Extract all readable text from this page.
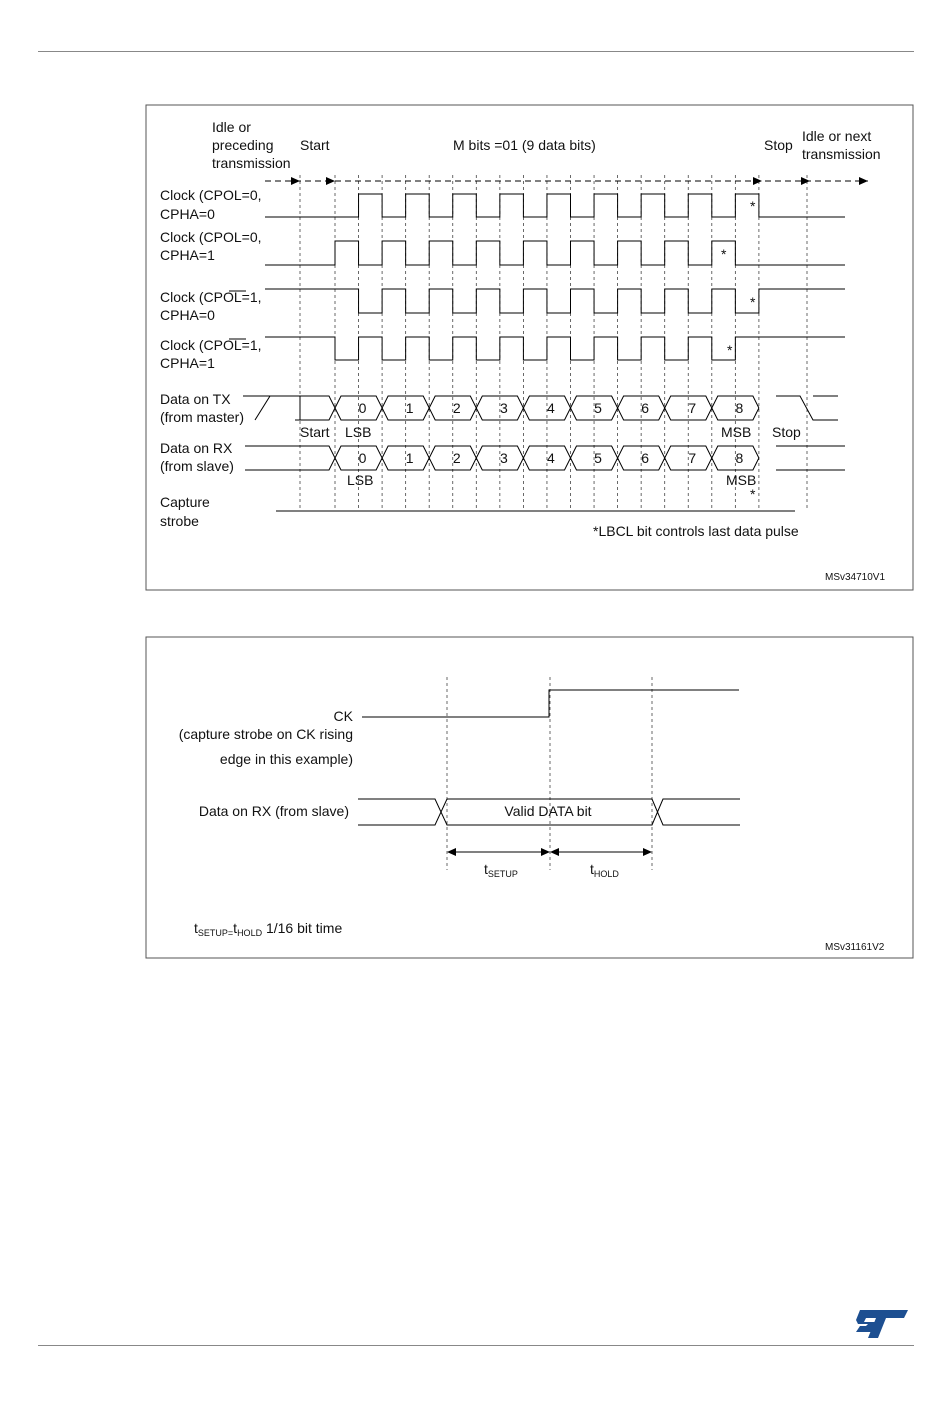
0
0
1
1
2
2
3
3
4
4
5
5
6
6
7
7
8
8
Idle or
preceding
transmission
Start	M bits =01 (9 data bits)	Stop
Idle or next
transmission
Clock (CPOL=0,
CPHA=0
Clock (CPOL=0,
CPHA=1
Clock (CPOL=1,
CPHA=0
Clock (CPOL=1,
CPHA=1
Data on TX
(from master)
Data on RX
(from slave)
Capture
strobe
Start LSB	MSB Stop
LSB	MSB
*
*
*
*
*
*LBCL bit controls last data pulse
MSv34710V1
CK
(capture strobe on CK rising
edge in this example)
Data on RX (from slave)	Valid DATA bit
$t_{SETUP}$	$t_{HOLD}$
$t_{SETUP}=t_{HOLD}$ 1/16 bit time
MSv31161V2
